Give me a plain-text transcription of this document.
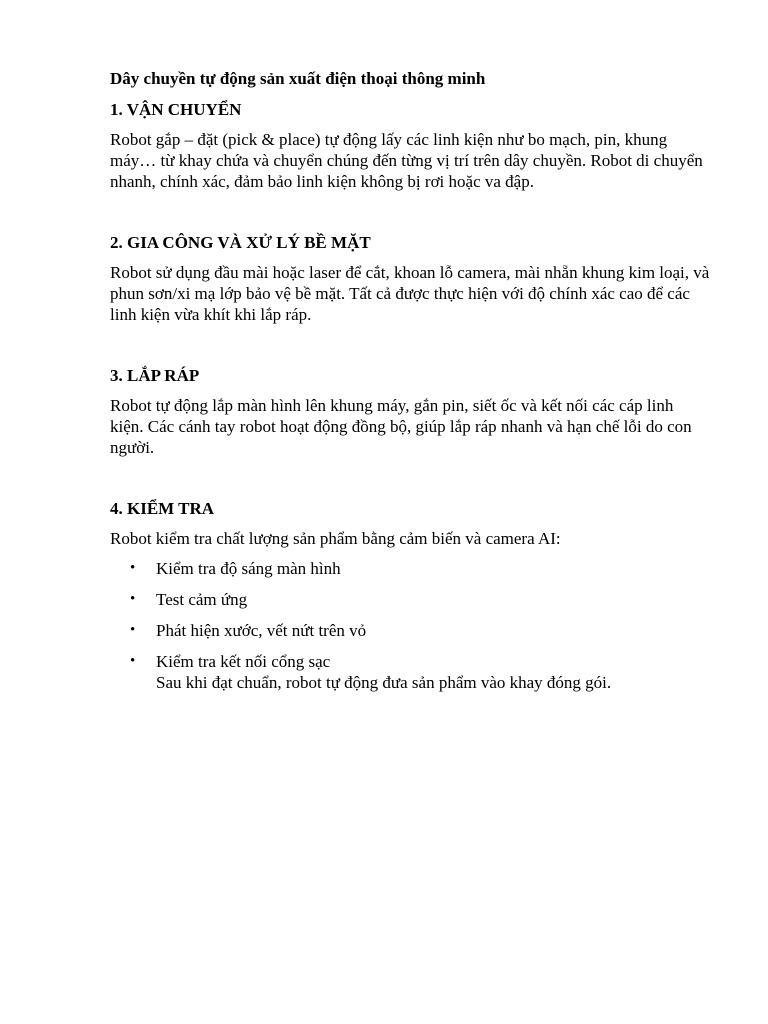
Dây chuyền tự động sản xuất điện thoại thông minh
1. VẬN CHUYỂN

Robot gắp – đặt (pick & place) tự động lấy các linh kiện như bo mạch, pin, khung máy… từ khay chứa và chuyển chúng đến từng vị trí trên dây chuyền. Robot di chuyển nhanh, chính xác, đảm bảo linh kiện không bị rơi hoặc va đập.

2. GIA CÔNG VÀ XỬ LÝ BỀ MẶT

Robot sử dụng đầu mài hoặc laser để cắt, khoan lỗ camera, mài nhẵn khung kim loại, và phun sơn/xi mạ lớp bảo vệ bề mặt. Tất cả được thực hiện với độ chính xác cao để các linh kiện vừa khít khi lắp ráp.

3. LẮP RÁP

Robot tự động lắp màn hình lên khung máy, gắn pin, siết ốc và kết nối các cáp linh kiện. Các cánh tay robot hoạt động đồng bộ, giúp lắp ráp nhanh và hạn chế lỗi do con người.

4. KIỂM TRA

Robot kiểm tra chất lượng sản phẩm bằng cảm biến và camera AI:

• Kiểm tra độ sáng màn hình
• Test cảm ứng
• Phát hiện xước, vết nứt trên vỏ
• Kiểm tra kết nối cổng sạc
Sau khi đạt chuẩn, robot tự động đưa sản phẩm vào khay đóng gói.
